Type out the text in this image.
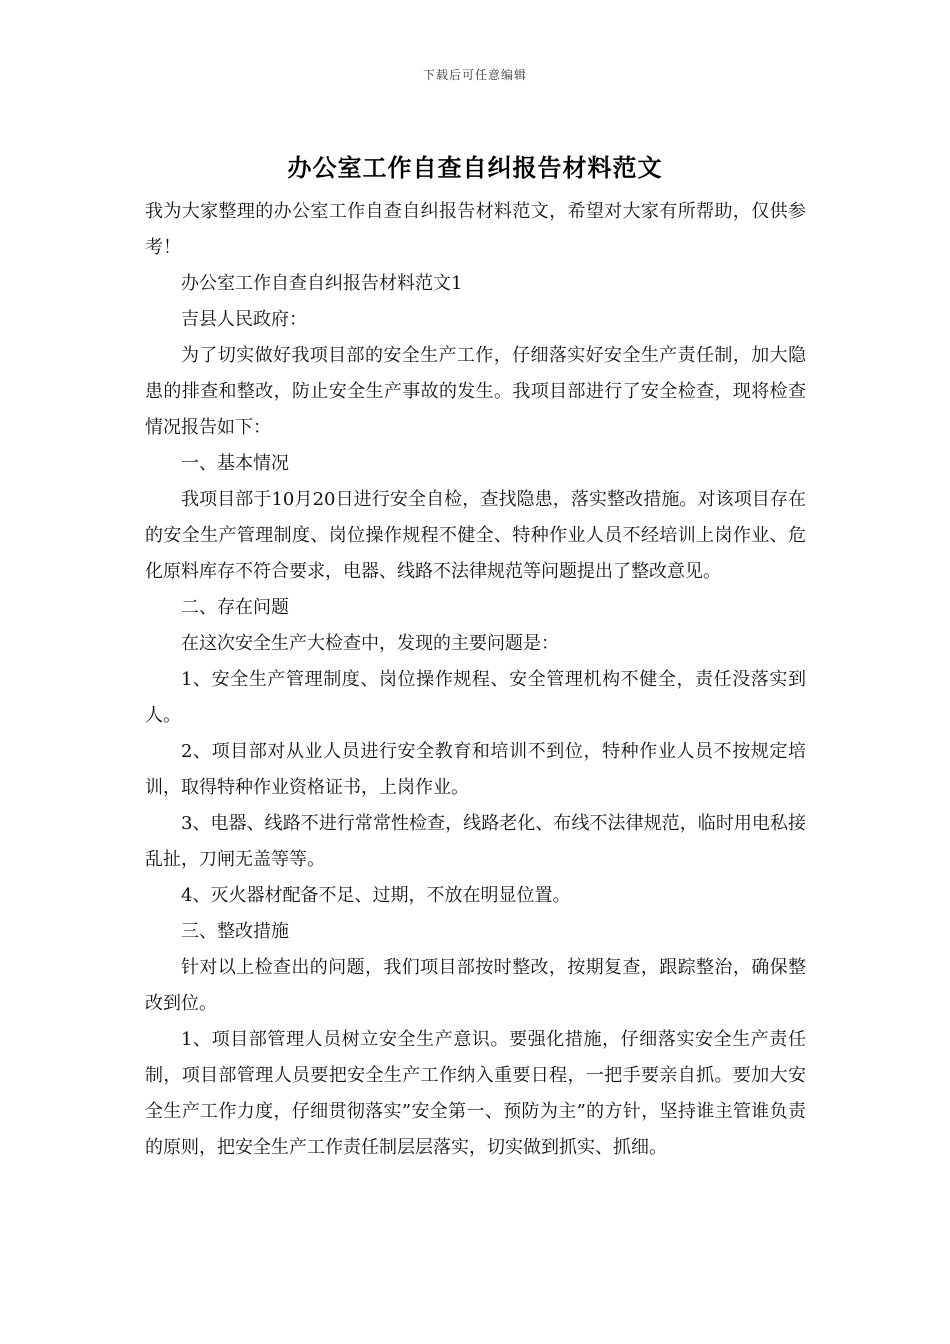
下载后可任意编辑
办公室工作自查自纠报告材料范文

我为大家整理的办公室工作自查自纠报告材料范文，希望对大家有所帮助，仅供参考！

办公室工作自查自纠报告材料范文1

吉县人民政府：

为了切实做好我项目部的安全生产工作，仔细落实好安全生产责任制，加大隐患的排查和整改，防止安全生产事故的发生。我项目部进行了安全检查，现将检查情况报告如下：

一、基本情况

我项目部于10月20日进行安全自检，查找隐患，落实整改措施。对该项目存在的安全生产管理制度、岗位操作规程不健全、特种作业人员不经培训上岗作业、危化原料库存不符合要求，电器、线路不法律规范等问题提出了整改意见。

二、存在问题

在这次安全生产大检查中，发现的主要问题是：

1、安全生产管理制度、岗位操作规程、安全管理机构不健全，责任没落实到人。

2、项目部对从业人员进行安全教育和培训不到位，特种作业人员不按规定培训，取得特种作业资格证书，上岗作业。

3、电器、线路不进行常常性检查，线路老化、布线不法律规范，临时用电私接乱扯，刀闸无盖等等。

4、灭火器材配备不足、过期，不放在明显位置。

三、整改措施

针对以上检查出的问题，我们项目部按时整改，按期复查，跟踪整治，确保整改到位。

1、项目部管理人员树立安全生产意识。要强化措施，仔细落实安全生产责任制，项目部管理人员要把安全生产工作纳入重要日程，一把手要亲自抓。要加大安全生产工作力度，仔细贯彻落实”安全第一、预防为主”的方针，坚持谁主管谁负责的原则，把安全生产工作责任制层层落实，切实做到抓实、抓细。
